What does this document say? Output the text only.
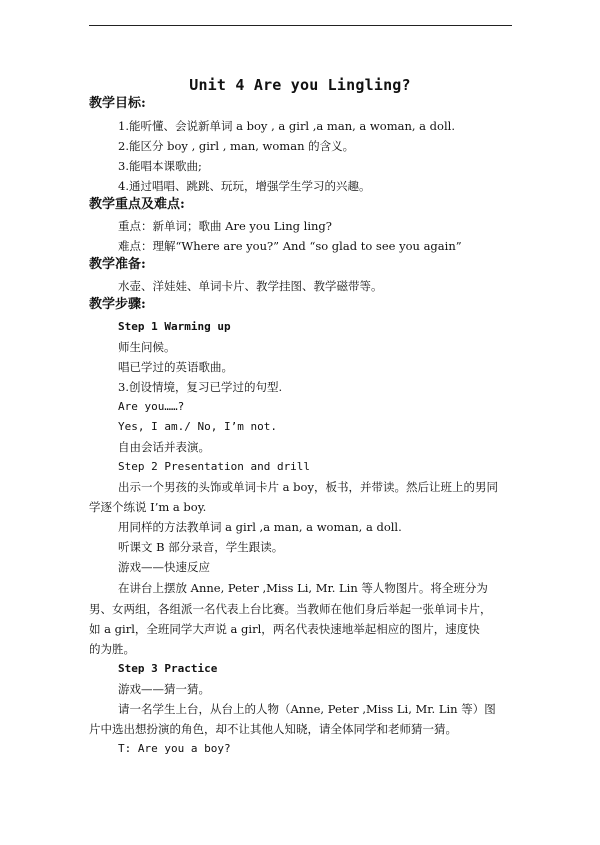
Unit 4 Are you Lingling?
教学目标:
1.能听懂、会说新单词 a boy , a girl ,a man, a woman, a doll.
2.能区分 boy , girl , man, woman 的含义。
3.能唱本课歌曲;
4.通过唱唱、跳跳、玩玩，增强学生学习的兴趣。
教学重点及难点:
重点：新单词；歌曲 Are you Ling ling?
难点：理解“Where are you?” And “so glad to see you again”
教学准备:
水壶、洋娃娃、单词卡片、教学挂图、教学磁带等。
教学步骤:
Step 1 Warming up
师生问候。
唱已学过的英语歌曲。
3.创设情境，复习已学过的句型.
Are you……?
Yes, I am./ No, I’m not.
自由会话并表演。
Step 2 Presentation and drill
出示一个男孩的头饰或单词卡片 a boy，板书，并带读。然后让班上的男同
学逐个练说 I’m a boy.
用同样的方法教单词 a girl ,a man, a woman, a doll.
听课文 B 部分录音，学生跟读。
游戏——快速反应
在讲台上摆放 Anne, Peter ,Miss Li, Mr. Lin 等人物图片。将全班分为
男、女两组，各组派一名代表上台比赛。当教师在他们身后举起一张单词卡片，
如 a girl，全班同学大声说 a girl，两名代表快速地举起相应的图片，速度快
的为胜。
Step 3 Practice
游戏——猜一猜。
请一名学生上台，从台上的人物（Anne, Peter ,Miss Li, Mr. Lin 等）图
片中选出想扮演的角色，却不让其他人知晓，请全体同学和老师猜一猜。
T: Are you a boy?
